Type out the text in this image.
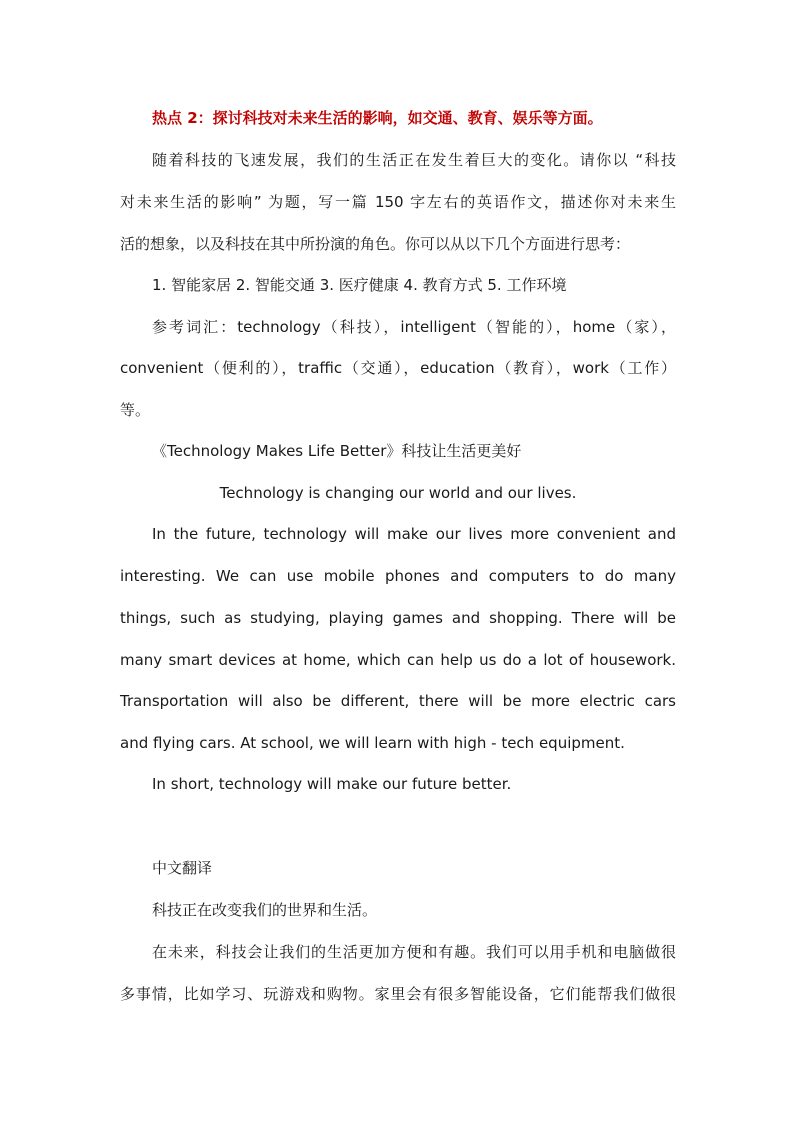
热点 2：探讨科技对未来生活的影响，如交通、教育、娱乐等方面。
随着科技的飞速发展，我们的生活正在发生着巨大的变化。请你以 “科技
对未来生活的影响” 为题，写一篇 150 字左右的英语作文，描述你对未来生
活的想象，以及科技在其中所扮演的角色。你可以从以下几个方面进行思考：
1. 智能家居 2. 智能交通 3. 医疗健康 4. 教育方式 5. 工作环境
参考词汇：technology（科技），intelligent（智能的），home（家），
convenient（便利的），traffic（交通），education（教育），work（工作）
等。
《Technology Makes Life Better》科技让生活更美好
Technology is changing our world and our lives.
In the future, technology will make our lives more convenient and
interesting. We can use mobile phones and computers to do many
things, such as studying, playing games and shopping. There will be
many smart devices at home, which can help us do a lot of housework.
Transportation will also be different, there will be more electric cars
and flying cars. At school, we will learn with high - tech equipment.
In short, technology will make our future better.
中文翻译
科技正在改变我们的世界和生活。
在未来，科技会让我们的生活更加方便和有趣。我们可以用手机和电脑做很
多事情，比如学习、玩游戏和购物。家里会有很多智能设备，它们能帮我们做很
